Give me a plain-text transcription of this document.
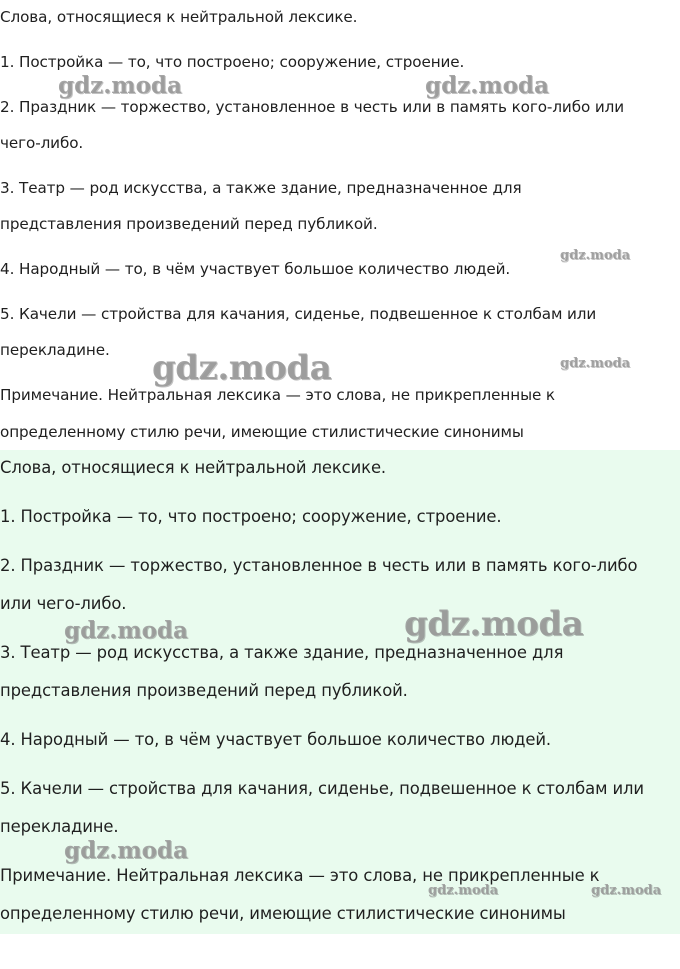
Слова, относящиеся к нейтральной лексике.

1. Постройка — то, что построено; сооружение, строение.

2. Праздник — торжество, установленное в честь или в память кого-либо или

чего-либо.

3. Театр — род искусства, а также здание, предназначенное для

представления произведений перед публикой.

4. Народный — то, в чём участвует большое количество людей.

5. Качели — стройства для качания, сиденье, подвешенное к столбам или

перекладине.

Примечание. Нейтральная лексика — это слова, не прикрепленные к

определенному стилю речи, имеющие стилистические синонимы

Слова, относящиеся к нейтральной лексике.

1. Постройка — то, что построено; сооружение, строение.

2. Праздник — торжество, установленное в честь или в память кого-либо

или чего-либо.

3. Театр — род искусства, а также здание, предназначенное для

представления произведений перед публикой.

4. Народный — то, в чём участвует большое количество людей.

5. Качели — стройства для качания, сиденье, подвешенное к столбам или

перекладине.

Примечание. Нейтральная лексика — это слова, не прикрепленные к

определенному стилю речи, имеющие стилистические синонимы

gdz.moda	gdz.moda
gdz.moda
gdz.moda	gdz.moda
gdz.moda	gdz.moda
gdz.moda
gdz.moda	gdz.moda
